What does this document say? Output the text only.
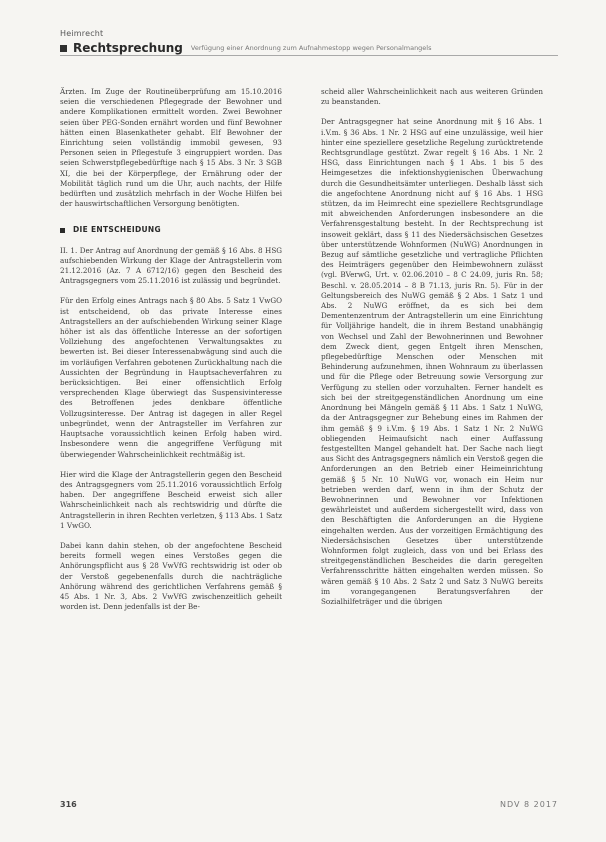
Heimrecht
Rechtsprechung Verfügung einer Anordnung zum Aufnahmestopp wegen Personalmangels

Ärzten. Im Zuge der Routineüberprüfung am 15.10.2016 seien die verschiedenen Pflegegrade der Bewohner und andere Komplikationen ermittelt worden. Zwei Bewohner seien über PEG-Sonden ernährt worden und fünf Bewohner hätten einen Blasenkatheter gehabt. Elf Bewohner der Einrichtung seien vollständig immobil gewesen, 93 Personen seien in Pflegestufe 3 eingruppiert worden. Das seien Schwerstpflegebedürftige nach § 15 Abs. 3 Nr. 3 SGB XI, die bei der Körperpflege, der Ernährung oder der Mobilität täglich rund um die Uhr, auch nachts, der Hilfe bedürften und zusätzlich mehrfach in der Woche Hilfen bei der hauswirtschaftlichen Versorgung benötigten.

DIE ENTSCHEIDUNG

II. 1. Der Antrag auf Anordnung der gemäß § 16 Abs. 8 HSG aufschiebenden Wirkung der Klage der Antragstellerin vom 21.12.2016 (Az. 7 A 6712/16) gegen den Bescheid des Antragsgegners vom 25.11.2016 ist zulässig und begründet.

Für den Erfolg eines Antrags nach § 80 Abs. 5 Satz 1 VwGO ist entscheidend, ob das private Interesse eines Antragstellers an der aufschiebenden Wirkung seiner Klage höher ist als das öffentliche Interesse an der sofortigen Vollziehung des angefochtenen Verwaltungsaktes zu bewerten ist. Bei dieser Interessenabwägung sind auch die im vorläufigen Verfahren gebotenen Zurückhaltung nach die Aussichten der Begründung in Hauptsacheverfahren zu berücksichtigen. Bei einer offensichtlich Erfolg versprechenden Klage überwiegt das Suspensivinteresse des Betroffenen jedes denkbare öffentliche Vollzugsinteresse. Der Antrag ist dagegen in aller Regel unbegründet, wenn der Antragsteller im Verfahren zur Hauptsache voraussichtlich keinen Erfolg haben wird. Insbesondere wenn die angegriffene Verfügung mit überwiegender Wahrscheinlichkeit rechtmäßig ist.

Hier wird die Klage der Antragstellerin gegen den Bescheid des Antragsgegners vom 25.11.2016 voraussichtlich Erfolg haben. Der angegriffene Bescheid erweist sich aller Wahrscheinlichkeit nach als rechtswidrig und dürfte die Antragstellerin in ihren Rechten verletzen, § 113 Abs. 1 Satz 1 VwGO.

Dabei kann dahin stehen, ob der angefochtene Bescheid bereits formell wegen eines Verstoßes gegen die Anhörungspflicht aus § 28 VwVfG rechtswidrig ist oder ob der Verstoß gegebenenfalls durch die nachträgliche Anhörung während des gerichtlichen Verfahrens gemäß § 45 Abs. 1 Nr. 3, Abs. 2 VwVfG zwischenzeitlich geheilt worden ist. Denn jedenfalls ist der Be-

scheid aller Wahrscheinlichkeit nach aus weiteren Gründen zu beanstanden.

Der Antragsgegner hat seine Anordnung mit § 16 Abs. 1 i.V.m. § 36 Abs. 1 Nr. 2 HSG auf eine unzulässige, weil hier hinter eine speziellere gesetzliche Regelung zurücktretende Rechtsgrundlage gestützt. Zwar regelt § 16 Abs. 1 Nr. 2 HSG, dass Einrichtungen nach § 1 Abs. 1 bis 5 des Heimgesetzes die infektionshygienischen Überwachung durch die Gesundheitsämter unterliegen. Deshalb lässt sich die angefochtene Anordnung nicht auf § 16 Abs. 1 HSG stützen, da im Heimrecht eine speziellere Rechtsgrundlage mit abweichenden Anforderungen insbesondere an die Verfahrensgestaltung besteht. In der Rechtsprechung ist insoweit geklärt, dass § 11 des Niedersächsischen Gesetzes über unterstützende Wohnformen (NuWG) Anordnungen in Bezug auf sämtliche gesetzliche und vertragliche Pflichten des Heimträgers gegenüber den Heimbewohnern zulässt (vgl. BVerwG, Urt. v. 02.06.2010 – 8 C 24.09, juris Rn. 58; Beschl. v. 28.05.2014 – 8 B 71.13, juris Rn. 5). Für in der Geltungsbereich des NuWG gemäß § 2 Abs. 1 Satz 1 und Abs. 2 NuWG eröffnet, da es sich bei dem Dementenzentrum der Antragstellerin um eine Einrichtung für Volljährige handelt, die in ihrem Bestand unabhängig von Wechsel und Zahl der Bewohnerinnen und Bewohner dem Zweck dient, gegen Entgelt ihren Menschen, pflegebedürftige Menschen oder Menschen mit Behinderung aufzunehmen, ihnen Wohnraum zu überlassen und für die Pflege oder Betreuung sowie Versorgung zur Verfügung zu stellen oder vorzuhalten. Ferner handelt es sich bei der streitgegenständlichen Anordnung um eine Anordnung bei Mängeln gemäß § 11 Abs. 1 Satz 1 NuWG, da der Antragsgegner zur Behebung eines im Rahmen der ihm gemäß § 9 i.V.m. § 19 Abs. 1 Satz 1 Nr. 2 NuWG obliegenden Heimaufsicht nach einer Auffassung festgestellten Mangel gehandelt hat. Der Sache nach liegt aus Sicht des Antragsgegners nämlich ein Verstoß gegen die Anforderungen an den Betrieb einer Heimeinrichtung gemäß § 5 Nr. 10 NuWG vor, wonach ein Heim nur betrieben werden darf, wenn in ihm der Schutz der Bewohnerinnen und Bewohner vor Infektionen gewährleistet und außerdem sichergestellt wird, dass von den Beschäftigten die Anforderungen an die Hygiene eingehalten werden. Aus der vorzeitigen Ermächtigung des Niedersächsischen Gesetzes über unterstützende Wohnformen folgt zugleich, dass von und bei Erlass des streitgegenständlichen Bescheides die darin geregelten Verfahrensschritte hätten eingehalten werden müssen. So wären gemäß § 10 Abs. 2 Satz 2 und Satz 3 NuWG bereits im vorangegangenen Beratungsverfahren der Sozialhilfeträger und die übrigen

316	NDV 8 2017
